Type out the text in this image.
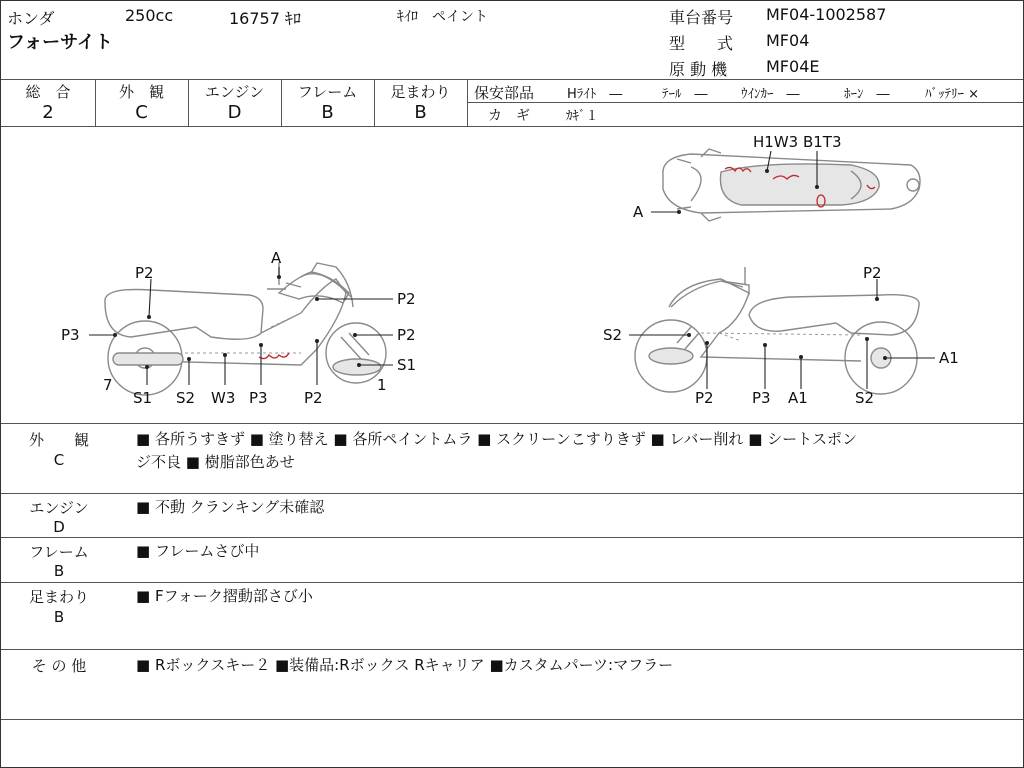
ホンダ	250cc	16757 ｷﾛ	ｷｲﾛ　ペイント
フォーサイト
車台番号 MF04-1002587
型　　式 MF04
原 動 機 MF04E
総　合
2
外　観
C
エンジン
D
フレーム
B
足まわり
B
保安部品	Hﾗｲﾄ　―	ﾃｰﾙ　―	ｳｲﾝｶｰ　―	ﾎｰﾝ　―	ﾊﾞｯﾃﾘｰ ×
カ　ギ	ｶｷﾞ１
H1W3 B1T3
A
P2
A
P2
P2
P3
S1
7	1
S1 S2 W3 P3 P2
P2
S2
A1
P2	P3 A1	S2
外　　観
C
■ 各所うすきず ■ 塗り替え ■ 各所ペイントムラ ■ スクリーンこすりきず ■ レバー削れ ■ シートスポン
ジ不良 ■ 樹脂部色あせ
エンジン
D
■ 不動 クランキング未確認
フレーム
B
■ フレームさび中
足まわり
B
■ Fフォーク摺動部さび小
そ の 他	■ Rボックスキー２ ■装備品:Rボックス Rキャリア ■カスタムパーツ:マフラー
